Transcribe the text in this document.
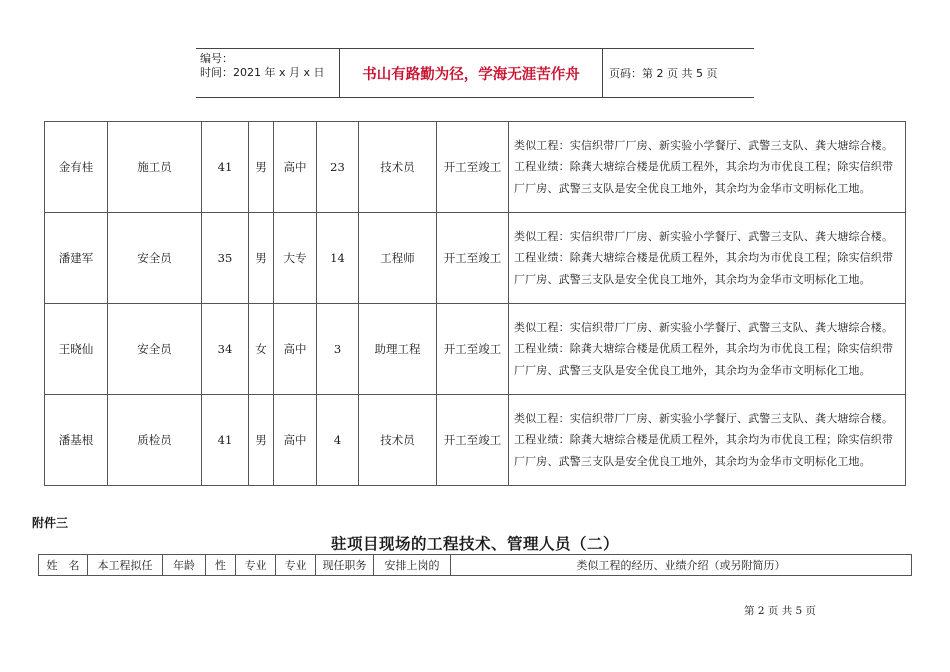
编号：
时间：2021 年 x 月 x 日	书山有路勤为径，学海无涯苦作舟	页码：第 2 页 共 5 页
金有桂	施工员	41	男	高中	23	技术员	开工至竣工	类似工程：实信织带厂厂房、新实验小学餐厅、武警三支队、龚大塘综合楼。工程业绩：除龚大塘综合楼是优质工程外，其余均为市优良工程；除实信织带厂厂房、武警三支队是安全优良工地外，其余均为金华市文明标化工地。
潘建军	安全员	35	男	大专	14	工程师	开工至竣工	类似工程：实信织带厂厂房、新实验小学餐厅、武警三支队、龚大塘综合楼。工程业绩：除龚大塘综合楼是优质工程外，其余均为市优良工程；除实信织带厂厂房、武警三支队是安全优良工地外，其余均为金华市文明标化工地。
王晓仙	安全员	34	女	高中	3	助理工程	开工至竣工	类似工程：实信织带厂厂房、新实验小学餐厅、武警三支队、龚大塘综合楼。工程业绩：除龚大塘综合楼是优质工程外，其余均为市优良工程；除实信织带厂厂房、武警三支队是安全优良工地外，其余均为金华市文明标化工地。
潘基根	质检员	41	男	高中	4	技术员	开工至竣工	类似工程：实信织带厂厂房、新实验小学餐厅、武警三支队、龚大塘综合楼。工程业绩：除龚大塘综合楼是优质工程外，其余均为市优良工程；除实信织带厂厂房、武警三支队是安全优良工地外，其余均为金华市文明标化工地。
附件三
驻项目现场的工程技术、管理人员（二）
姓　名	本工程拟任	年龄	性	专业	专业	现任职务	安排上岗的	类似工程的经历、业绩介绍（或另附简历）
第 2 页 共 5 页
